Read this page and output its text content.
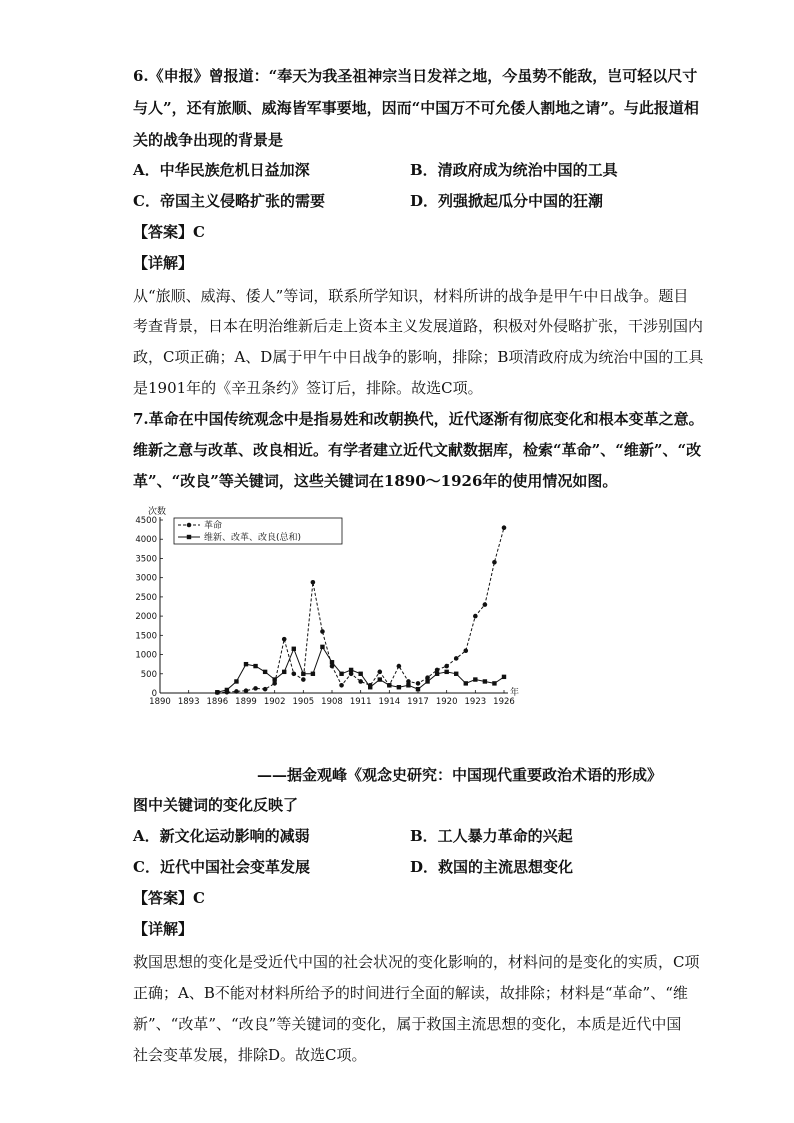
6.《申报》曾报道：“奉天为我圣祖神宗当日发祥之地，今虽势不能敌，岂可轻以尺寸
与人”，还有旅顺、威海皆军事要地，因而“中国万不可允倭人割地之请”。与此报道相
关的战争出现的背景是
A．中华民族危机日益加深	B．清政府成为统治中国的工具
C．帝国主义侵略扩张的需要	D．列强掀起瓜分中国的狂潮
【答案】C
【详解】
从“旅顺、威海、倭人”等词，联系所学知识，材料所讲的战争是甲午中日战争。题目
考查背景，日本在明治维新后走上资本主义发展道路，积极对外侵略扩张，干涉别国内
政，C项正确；A、D属于甲午中日战争的影响，排除；B项清政府成为统治中国的工具
是1901年的《辛丑条约》签订后，排除。故选C项。
7.革命在中国传统观念中是指易姓和改朝换代，近代逐渐有彻底变化和根本变革之意。
维新之意与改革、改良相近。有学者建立近代文献数据库，检索“革命”、“维新”、“改
革”、“改良”等关键词，这些关键词在1890～1926年的使用情况如图。
次数
年
0
500
1000
1500
2000
2500
3000
3500
4000
4500
1890 1893 1896 1899 1902 1905 1908 1911 1914 1917 1920 1923 1926
革命
维新、改革、改良(总和)
——据金观峰《观念史研究：中国现代重要政治术语的形成》
图中关键词的变化反映了
A．新文化运动影响的减弱	B．工人暴力革命的兴起
C．近代中国社会变革发展	D．救国的主流思想变化
【答案】C
【详解】
救国思想的变化是受近代中国的社会状况的变化影响的，材料问的是变化的实质，C项
正确；A、B不能对材料所给予的时间进行全面的解读，故排除；材料是“革命”、“维
新”、“改革”、“改良”等关键词的变化，属于救国主流思想的变化，本质是近代中国
社会变革发展，排除D。故选C项。
